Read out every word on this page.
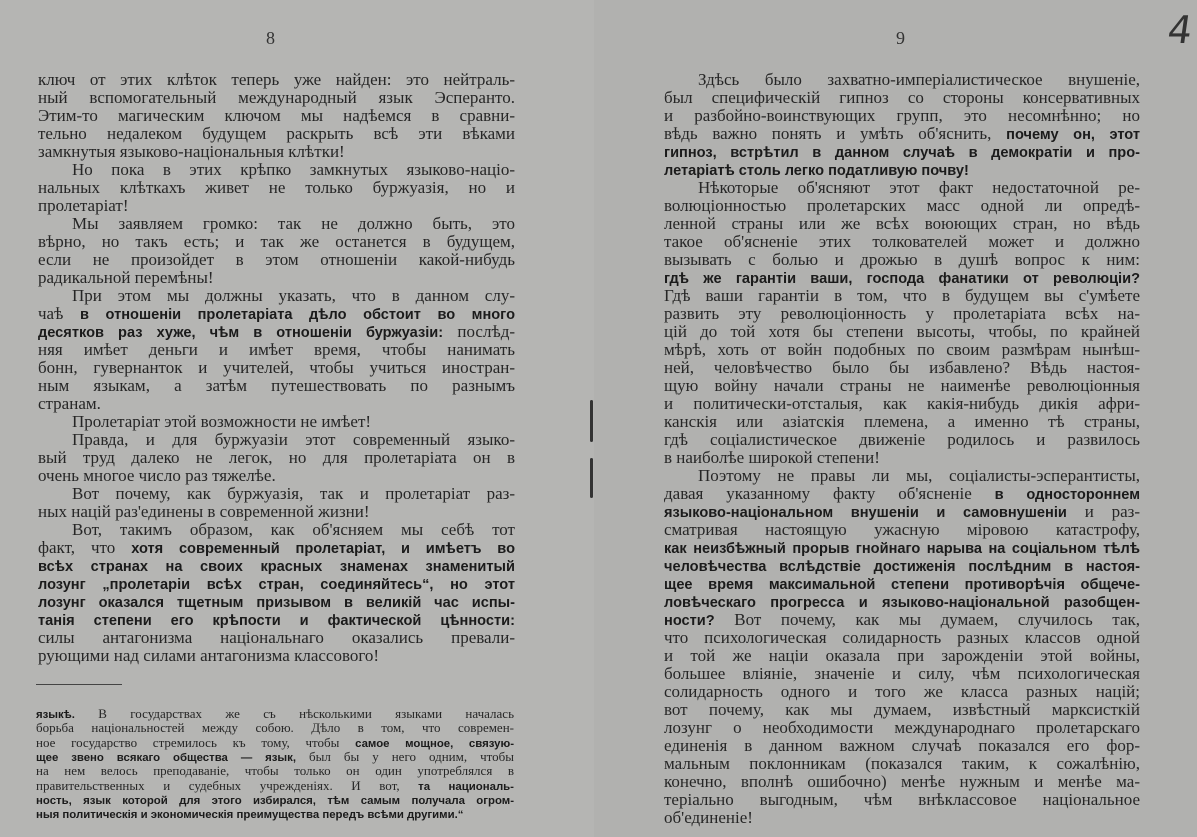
8
ключ от этих клѣток теперь уже найден: это нейтраль-
ный вспомогательный международный язык Эсперанто.
Этим-то магическим ключом мы надѣемся в сравни-
тельно недалеком будущем раскрыть всѣ эти вѣками
замкнутыя языково-національныя клѣтки!
Но пока в этих крѣпко замкнутых языково-націо-
нальных клѣткахъ живет не только буржуазія, но и
пролетаріат!
Мы заявляем громко: так не должно быть, это
вѣрно, но такъ есть; и так же останется в будущем,
если не произойдет в этом отношеніи какой-нибудь
радикальной перемѣны!
При этом мы должны указать, что в данном слу-
чаѣ в отношеніи пролетаріата дѣло обстоит во много
десятков раз хуже, чѣм в отношеніи буржуазіи: послѣд-
няя имѣет деньги и имѣет время, чтобы нанимать
бонн, гувернанток и учителей, чтобы учиться иностран-
ным языкам, а затѣм путешествовать по разнымъ
странам.
Пролетаріат этой возможности не имѣет!
Правда, и для буржуазіи этот современный языко-
вый труд далеко не легок, но для пролетаріата он в
очень многое число раз тяжелѣе.
Вот почему, как буржуазія, так и пролетаріат раз-
ных націй раз'единены в современной жизни!
Вот, такимъ образом, как об'ясняем мы себѣ тот
факт, что хотя современный пролетаріат, и имѣетъ во
всѣх странах на своих красных знаменах знаменитый
лозунг „пролетаріи всѣх стран, соединяйтесь“, но этот
лозунг оказался тщетным призывом в великій час испы-
танія степени его крѣпости и фактической цѣнности:
силы антагонизма національнаго оказались превали-
рующими над силами антагонизма классового!
языкѣ. В государствах же съ нѣсколькими языками началась
борьба національностей между собою. Дѣло в том, что современ-
ное государство стремилось къ тому, чтобы самое мощное, связую-
щее звено всякаго общества — язык, был бы у него одним, чтобы
на нем велось преподаваніе, чтобы только он один употреблялся в
правительственных и судебных учрежденіях. И вот, та националь-
ность, язык которой для этого избирался, тѣм самым получала огром-
ныя политическія и экономическія преимущества передъ всѣми другими.“
9
Здѣсь было захватно-имперіалистическое внушеніе,
был специфическій гипноз со стороны консервативных
и разбойно-воинствующих групп, это несомнѣнно; но
вѣдь важно понять и умѣть об'яснить, почему он, этот
гипноз, встрѣтил в данном случаѣ в демократіи и про-
летаріатѣ столь легко податливую почву!
Нѣкоторые об'ясняют этот факт недостаточной ре-
волюціонностью пролетарских масс одной ли опредѣ-
ленной страны или же всѣх воюющих стран, но вѣдь
такое об'ясненіе этих толкователей может и должно
вызывать с болью и дрожью в душѣ вопрос к ним:
гдѣ же гарантіи ваши, господа фанатики от революціи?
Гдѣ ваши гарантіи в том, что в будущем вы с'умѣете
развить эту революціонность у пролетаріата всѣх на-
цій до той хотя бы степени высоты, чтобы, по крайней
мѣрѣ, хоть от войн подобных по своим размѣрам нынѣш-
ней, человѣчество было бы избавлено? Вѣдь настоя-
щую войну начали страны не наименѣе революціонныя
и политически-отсталыя, как какія-нибудь дикія афри-
канскія или азіатскія племена, а именно тѣ страны,
гдѣ соціалистическое движеніе родилось и развилось
в наиболѣе широкой степени!
Поэтому не правы ли мы, соціалисты-эсперантисты,
давая указанному факту об'ясненіе в одностороннем
языково-національном внушеніи и самовнушеніи и раз-
сматривая настоящую ужасную міровою катастрофу,
как неизбѣжный прорыв гнойнаго нарыва на соціальном тѣлѣ
человѣчества вслѣдствіе достиженія послѣдним в настоя-
щее время максимальной степени противорѣчія общече-
ловѣческаго прогресса и языково-національной разобщен-
ности? Вот почему, как мы думаем, случилось так,
что психологическая солидарность разных классов одной
и той же націи оказала при зарожденіи этой войны,
большее вліяніе, значеніе и силу, чѣм психологическая
солидарность одного и того же класса разных націй;
вот почему, как мы думаем, извѣстный марксисткій
лозунг о необходимости международнаго пролетарскаго
единенія в данном важном случаѣ показался его фор-
мальным поклонникам (показался таким, к сожалѣнію,
конечно, вполнѣ ошибочно) менѣе нужным и менѣе ма-
теріально выгодным, чѣм внѣклассовое національное
об'единеніе!
4
